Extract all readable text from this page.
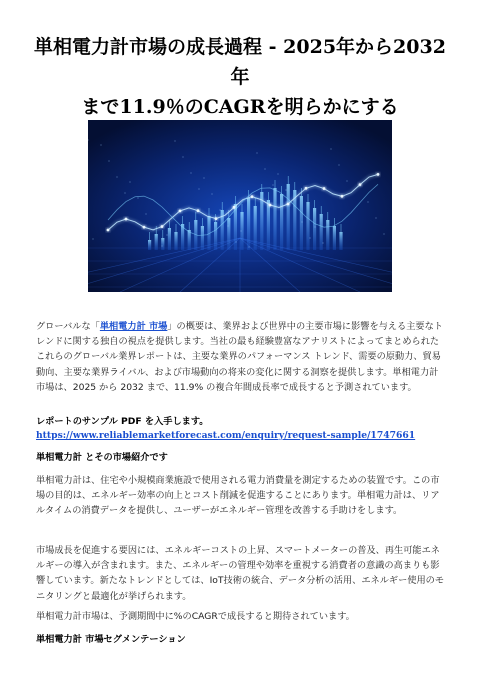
単相電力計市場の成長過程 - 2025年から2032年
まで11.9％のCAGRを明らかにする
グローバルな「単相電力計 市場」の概要は、業界および世界中の主要市場に影響を与える主要なトレンドに関する独自の視点を提供します。当社の最も経験豊富なアナリストによってまとめられたこれらのグローバル業界レポートは、主要な業界のパフォーマンス トレンド、需要の原動力、貿易動向、主要な業界ライバル、および市場動向の将来の変化に関する洞察を提供します。単相電力計 市場は、2025 から 2032 まで、11.9% の複合年間成長率で成長すると予測されています。
レポートのサンプル PDF を入手します。
https://www.reliablemarketforecast.com/enquiry/request-sample/1747661
単相電力計 とその市場紹介です
単相電力計は、住宅や小規模商業施設で使用される電力消費量を測定するための装置です。この市場の目的は、エネルギー効率の向上とコスト削減を促進することにあります。単相電力計は、リアルタイムの消費データを提供し、ユーザーがエネルギー管理を改善する手助けをします。
市場成長を促進する要因には、エネルギーコストの上昇、スマートメーターの普及、再生可能エネルギーの導入が含まれます。また、エネルギーの管理や効率を重視する消費者の意識の高まりも影響しています。新たなトレンドとしては、IoT技術の統合、データ分析の活用、エネルギー使用のモニタリングと最適化が挙げられます。
単相電力計市場は、予測期間中に%のCAGRで成長すると期待されています。
単相電力計 市場セグメンテーション
